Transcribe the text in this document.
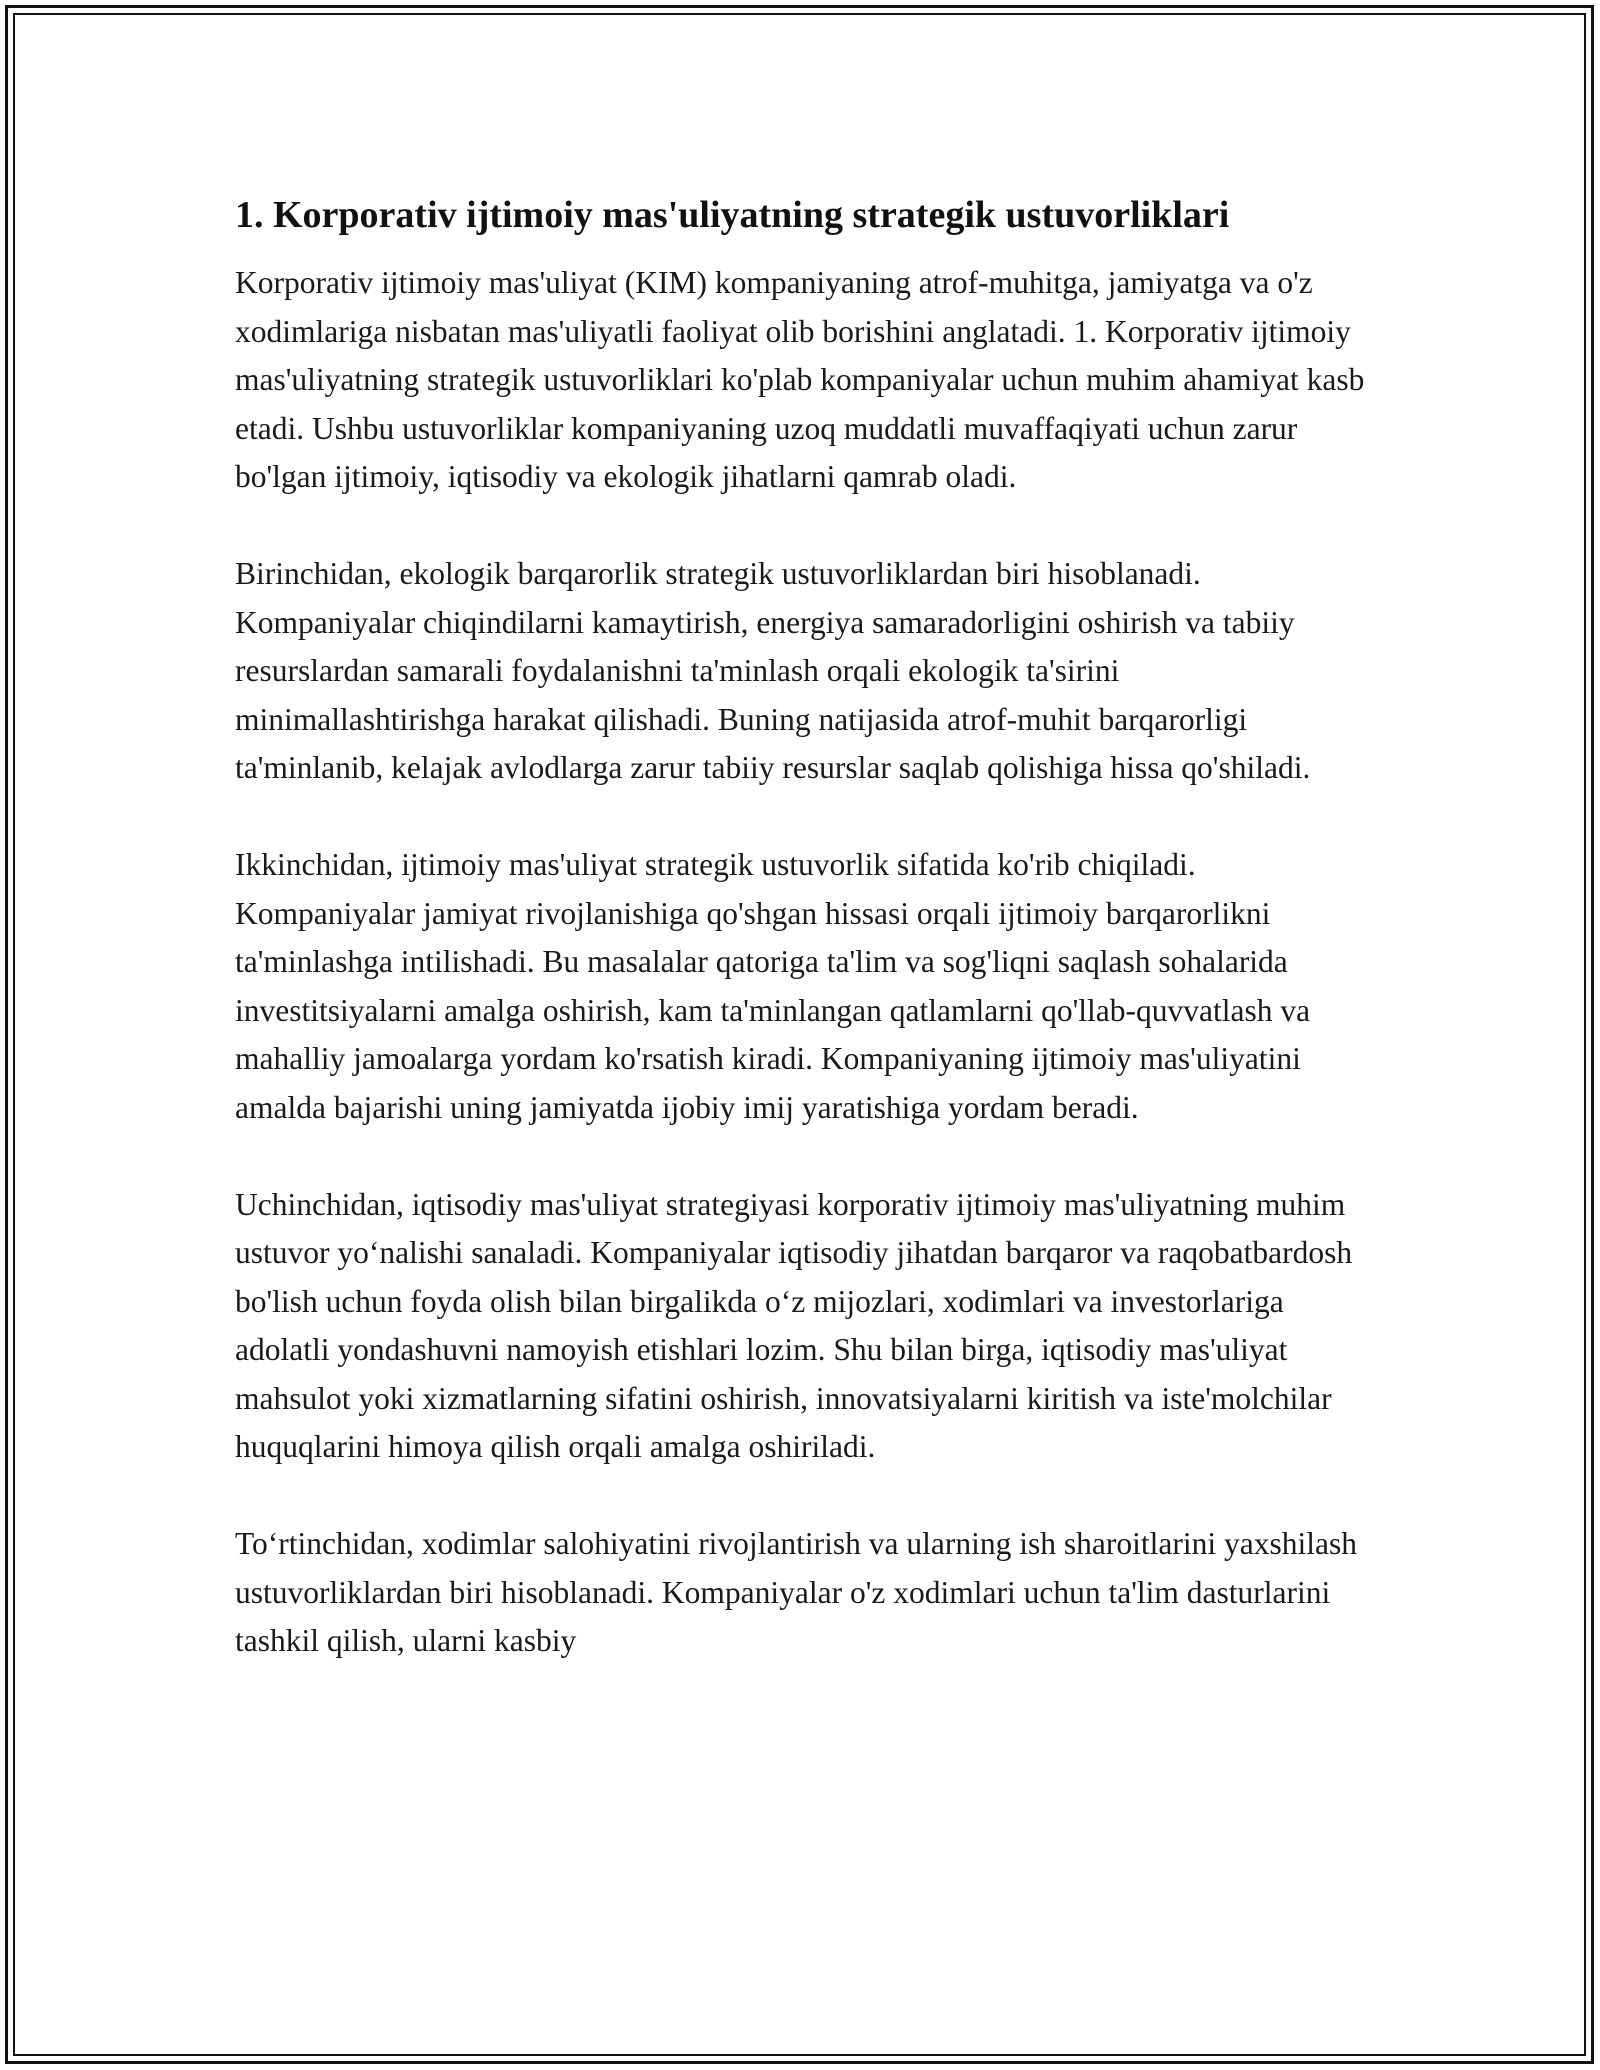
1. Korporativ ijtimoiy mas'uliyatning strategik ustuvorliklari

Korporativ ijtimoiy mas'uliyat (KIM) kompaniyaning atrof-muhitga, jamiyatga va o'z xodimlariga nisbatan mas'uliyatli faoliyat olib borishini anglatadi. 1. Korporativ ijtimoiy mas'uliyatning strategik ustuvorliklari ko'plab kompaniyalar uchun muhim ahamiyat kasb etadi. Ushbu ustuvorliklar kompaniyaning uzoq muddatli muvaffaqiyati uchun zarur bo'lgan ijtimoiy, iqtisodiy va ekologik jihatlarni qamrab oladi.

Birinchidan, ekologik barqarorlik strategik ustuvorliklardan biri hisoblanadi. Kompaniyalar chiqindilarni kamaytirish, energiya samaradorligini oshirish va tabiiy resurslardan samarali foydalanishni ta'minlash orqali ekologik ta'sirini minimallashtirishga harakat qilishadi. Buning natijasida atrof-muhit barqarorligi ta'minlanib, kelajak avlodlarga zarur tabiiy resurslar saqlab qolishiga hissa qo'shiladi.

Ikkinchidan, ijtimoiy mas'uliyat strategik ustuvorlik sifatida ko'rib chiqiladi. Kompaniyalar jamiyat rivojlanishiga qo'shgan hissasi orqali ijtimoiy barqarorlikni ta'minlashga intilishadi. Bu masalalar qatoriga ta'lim va sog'liqni saqlash sohalarida investitsiyalarni amalga oshirish, kam ta'minlangan qatlamlarni qo'llab-quvvatlash va mahalliy jamoalarga yordam ko'rsatish kiradi. Kompaniyaning ijtimoiy mas'uliyatini amalda bajarishi uning jamiyatda ijobiy imij yaratishiga yordam beradi.

Uchinchidan, iqtisodiy mas'uliyat strategiyasi korporativ ijtimoiy mas'uliyatning muhim ustuvor yo‘nalishi sanaladi. Kompaniyalar iqtisodiy jihatdan barqaror va raqobatbardosh bo'lish uchun foyda olish bilan birgalikda o‘z mijozlari, xodimlari va investorlariga adolatli yondashuvni namoyish etishlari lozim. Shu bilan birga, iqtisodiy mas'uliyat mahsulot yoki xizmatlarning sifatini oshirish, innovatsiyalarni kiritish va iste'molchilar huquqlarini himoya qilish orqali amalga oshiriladi.

To‘rtinchidan, xodimlar salohiyatini rivojlantirish va ularning ish sharoitlarini yaxshilash ustuvorliklardan biri hisoblanadi. Kompaniyalar o'z xodimlari uchun ta'lim dasturlarini tashkil qilish, ularni kasbiy
